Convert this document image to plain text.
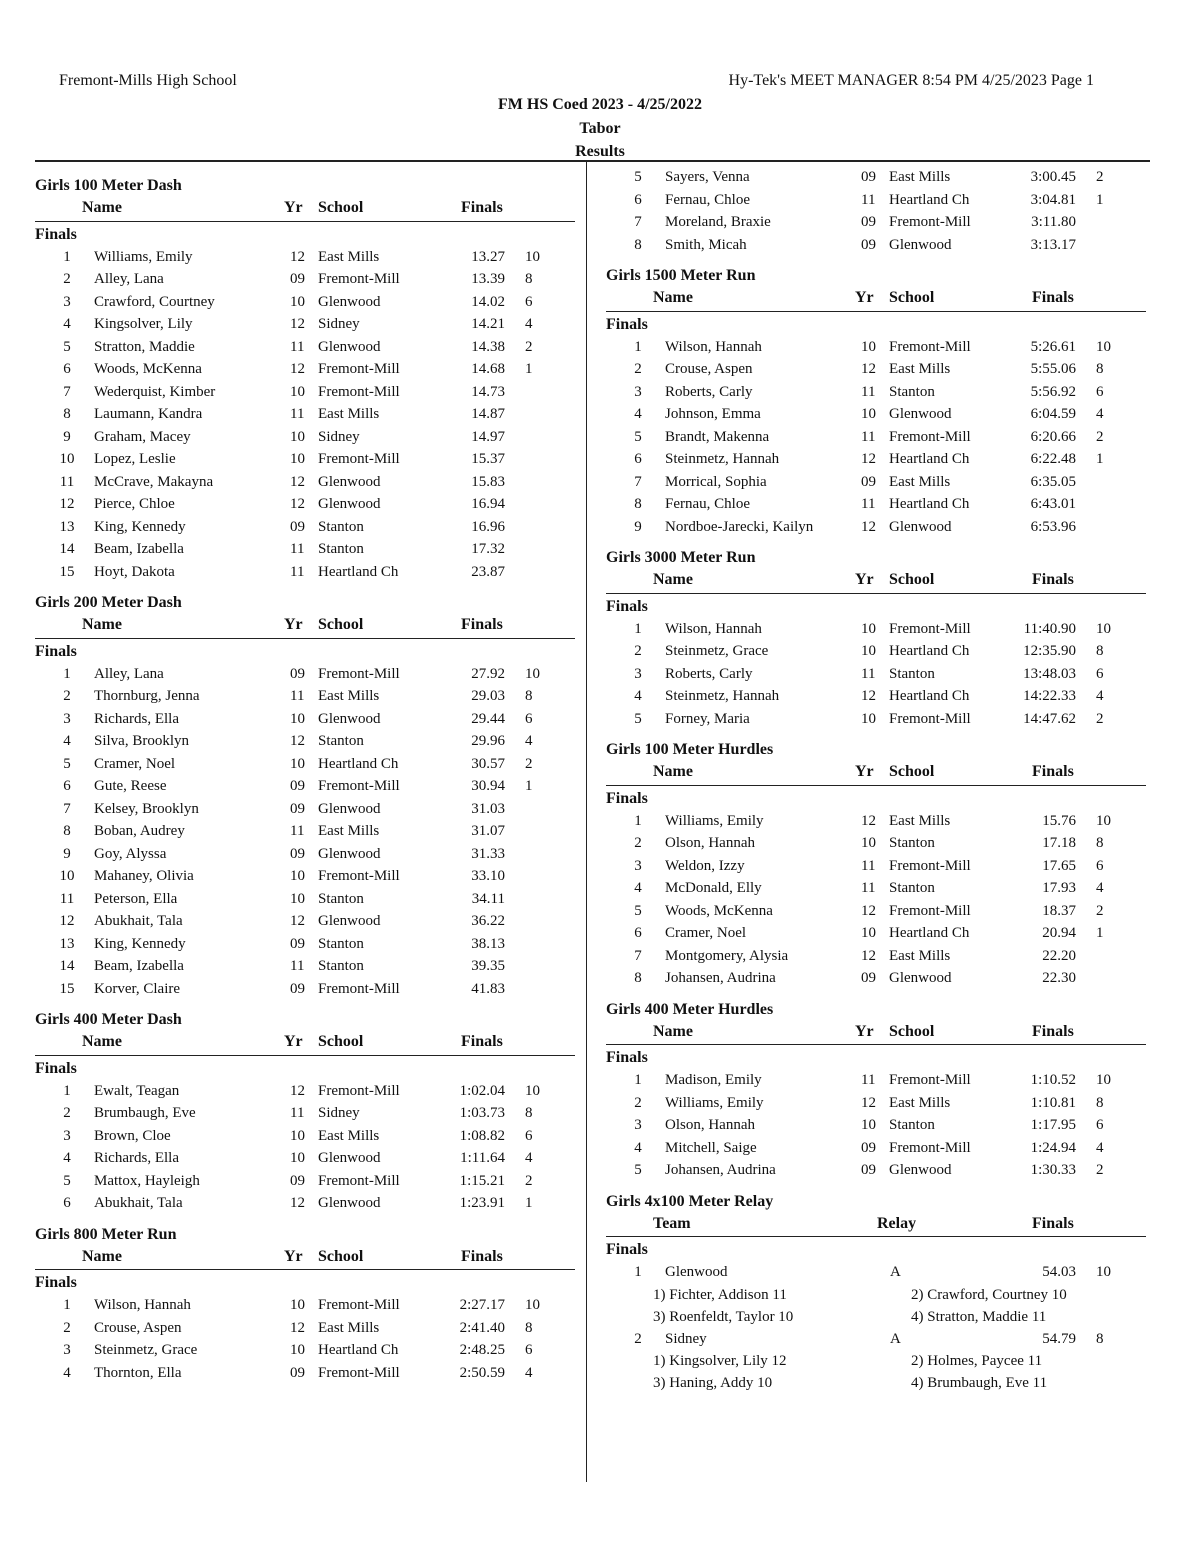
Fremont-Mills High School	Hy-Tek's MEET MANAGER 8:54 PM 4/25/2023 Page 1
FM HS Coed 2023 - 4/25/2022
Tabor
Results
Girls 100 Meter Dash
Name	Yr School	Finals
Finals
1	Williams, Emily	12 East Mills	13.27 10
2	Alley, Lana	09 Fremont-Mill	13.39 8
3	Crawford, Courtney	10 Glenwood	14.02 6
4	Kingsolver, Lily	12 Sidney	14.21 4
5	Stratton, Maddie	11 Glenwood	14.38 2
6	Woods, McKenna	12 Fremont-Mill	14.68 1
7	Wederquist, Kimber	10 Fremont-Mill	14.73
8	Laumann, Kandra	11 East Mills	14.87
9	Graham, Macey	10 Sidney	14.97
10	Lopez, Leslie	10 Fremont-Mill	15.37
11	McCrave, Makayna	12 Glenwood	15.83
12	Pierce, Chloe	12 Glenwood	16.94
13	King, Kennedy	09 Stanton	16.96
14	Beam, Izabella	11 Stanton	17.32
15	Hoyt, Dakota	11 Heartland Ch	23.87
Girls 200 Meter Dash
Name	Yr School	Finals
Finals
1	Alley, Lana	09 Fremont-Mill	27.92 10
2	Thornburg, Jenna	11 East Mills	29.03 8
3	Richards, Ella	10 Glenwood	29.44 6
4	Silva, Brooklyn	12 Stanton	29.96 4
5	Cramer, Noel	10 Heartland Ch	30.57 2
6	Gute, Reese	09 Fremont-Mill	30.94 1
7	Kelsey, Brooklyn	09 Glenwood	31.03
8	Boban, Audrey	11 East Mills	31.07
9	Goy, Alyssa	09 Glenwood	31.33
10	Mahaney, Olivia	10 Fremont-Mill	33.10
11	Peterson, Ella	10 Stanton	34.11
12	Abukhait, Tala	12 Glenwood	36.22
13	King, Kennedy	09 Stanton	38.13
14	Beam, Izabella	11 Stanton	39.35
15	Korver, Claire	09 Fremont-Mill	41.83
Girls 400 Meter Dash
Name	Yr School	Finals
Finals
1	Ewalt, Teagan	12 Fremont-Mill	1:02.04 10
2	Brumbaugh, Eve	11 Sidney	1:03.73 8
3	Brown, Cloe	10 East Mills	1:08.82 6
4	Richards, Ella	10 Glenwood	1:11.64 4
5	Mattox, Hayleigh	09 Fremont-Mill	1:15.21 2
6	Abukhait, Tala	12 Glenwood	1:23.91 1
Girls 800 Meter Run
Name	Yr School	Finals
Finals
1	Wilson, Hannah	10 Fremont-Mill	2:27.17 10
2	Crouse, Aspen	12 East Mills	2:41.40 8
3	Steinmetz, Grace	10 Heartland Ch	2:48.25 6
4	Thornton, Ella	09 Fremont-Mill	2:50.59 4
5	Sayers, Venna	09 East Mills	3:00.45 2
6	Fernau, Chloe	11 Heartland Ch	3:04.81 1
7	Moreland, Braxie	09 Fremont-Mill	3:11.80
8	Smith, Micah	09 Glenwood	3:13.17
Girls 1500 Meter Run
Name	Yr School	Finals
Finals
1	Wilson, Hannah	10 Fremont-Mill	5:26.61 10
2	Crouse, Aspen	12 East Mills	5:55.06 8
3	Roberts, Carly	11 Stanton	5:56.92 6
4	Johnson, Emma	10 Glenwood	6:04.59 4
5	Brandt, Makenna	11 Fremont-Mill	6:20.66 2
6	Steinmetz, Hannah	12 Heartland Ch	6:22.48 1
7	Morrical, Sophia	09 East Mills	6:35.05
8	Fernau, Chloe	11 Heartland Ch	6:43.01
9	Nordboe-Jarecki, Kailyn	12 Glenwood	6:53.96
Girls 3000 Meter Run
Name	Yr School	Finals
Finals
1	Wilson, Hannah	10 Fremont-Mill	11:40.90 10
2	Steinmetz, Grace	10 Heartland Ch	12:35.90 8
3	Roberts, Carly	11 Stanton	13:48.03 6
4	Steinmetz, Hannah	12 Heartland Ch	14:22.33 4
5	Forney, Maria	10 Fremont-Mill	14:47.62 2
Girls 100 Meter Hurdles
Name	Yr School	Finals
Finals
1	Williams, Emily	12 East Mills	15.76 10
2	Olson, Hannah	10 Stanton	17.18 8
3	Weldon, Izzy	11 Fremont-Mill	17.65 6
4	McDonald, Elly	11 Stanton	17.93 4
5	Woods, McKenna	12 Fremont-Mill	18.37 2
6	Cramer, Noel	10 Heartland Ch	20.94 1
7	Montgomery, Alysia	12 East Mills	22.20
8	Johansen, Audrina	09 Glenwood	22.30
Girls 400 Meter Hurdles
Name	Yr School	Finals
Finals
1	Madison, Emily	11 Fremont-Mill	1:10.52 10
2	Williams, Emily	12 East Mills	1:10.81 8
3	Olson, Hannah	10 Stanton	1:17.95 6
4	Mitchell, Saige	09 Fremont-Mill	1:24.94 4
5	Johansen, Audrina	09 Glenwood	1:30.33 2
Girls 4x100 Meter Relay
Team	Relay	Finals
Finals
1	Glenwood	A	54.03 10
1) Fichter, Addison 11	2) Crawford, Courtney 10
3) Roenfeldt, Taylor 10	4) Stratton, Maddie 11
2	Sidney	A	54.79 8
1) Kingsolver, Lily 12	2) Holmes, Paycee 11
3) Haning, Addy 10	4) Brumbaugh, Eve 11
